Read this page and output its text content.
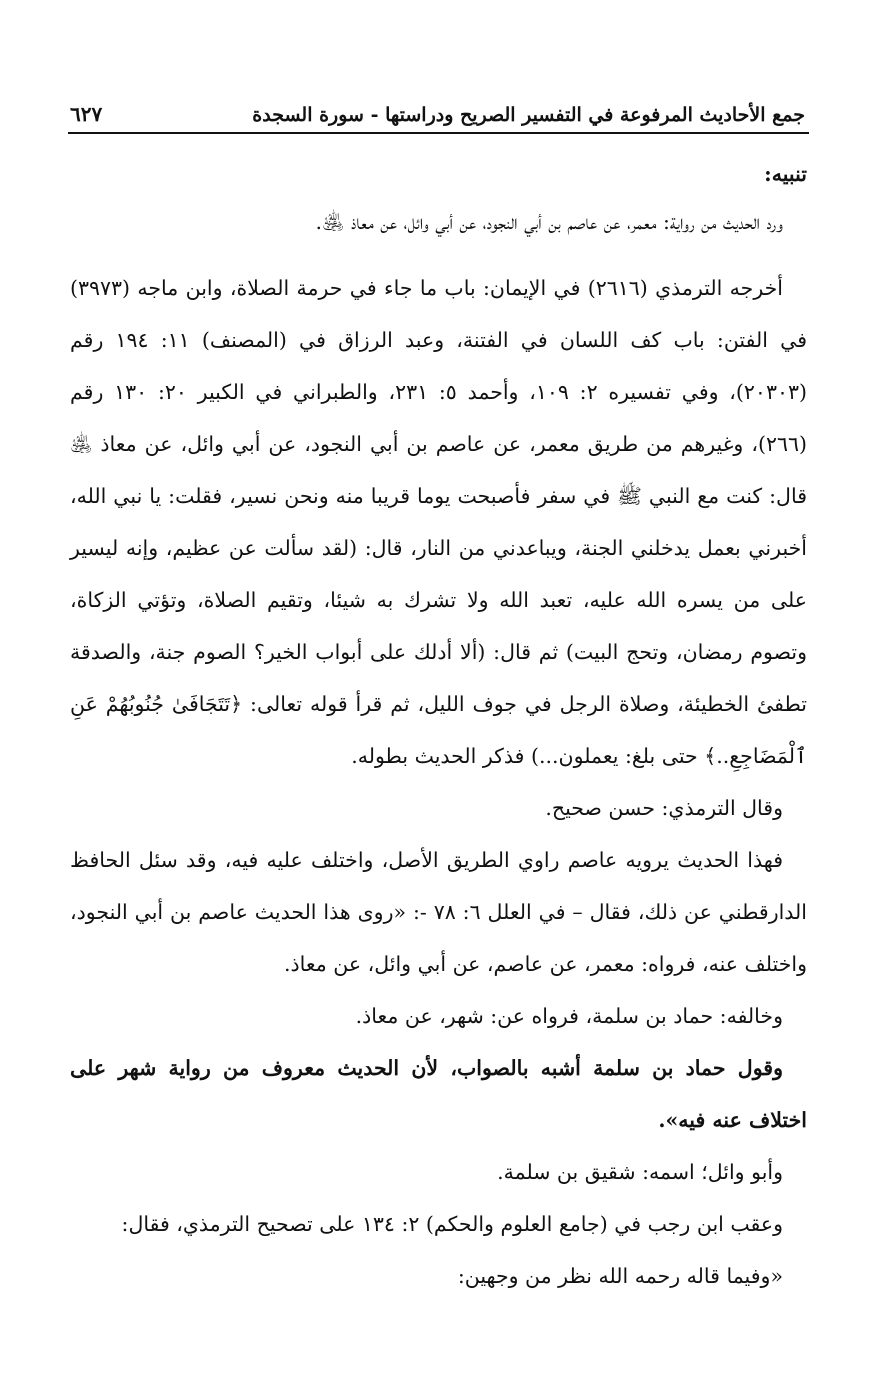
جمع الأحاديث المرفوعة في التفسير الصريح ودراستها - سورة السجدة
٦٢٧

تنبيه:

ورد الحديث من رواية: معمر، عن عاصم بن أبي النجود، عن أبي وائل، عن معاذ ﵁.

أخرجه الترمذي (٢٦١٦) في الإيمان: باب ما جاء في حرمة الصلاة، وابن ماجه (٣٩٧٣) في الفتن: باب كف اللسان في الفتنة، وعبد الرزاق في (المصنف) ١١: ١٩٤ رقم (٢٠٣٠٣)، وفي تفسيره ٢: ١٠٩، وأحمد ٥: ٢٣١، والطبراني في الكبير ٢٠: ١٣٠ رقم (٢٦٦)، وغيرهم من طريق معمر، عن عاصم بن أبي النجود، عن أبي وائل، عن معاذ ﵁ قال: كنت مع النبي ﷺ في سفر فأصبحت يوما قريبا منه ونحن نسير، فقلت: يا نبي الله، أخبرني بعمل يدخلني الجنة، ويباعدني من النار، قال: (لقد سألت عن عظيم، وإنه ليسير على من يسره الله عليه، تعبد الله ولا تشرك به شيئا، وتقيم الصلاة، وتؤتي الزكاة، وتصوم رمضان، وتحج البيت) ثم قال: (ألا أدلك على أبواب الخير؟ الصوم جنة، والصدقة تطفئ الخطيئة، وصلاة الرجل في جوف الليل، ثم قرأ قوله تعالى: ﴿تَتَجَافَىٰ جُنُوبُهُمْ عَنِ ٱلْمَضَاجِعِ..﴾ حتى بلغ: يعملون...) فذكر الحديث بطوله.

وقال الترمذي: حسن صحيح.

فهذا الحديث يرويه عاصم راوي الطريق الأصل، واختلف عليه فيه، وقد سئل الحافظ الدارقطني عن ذلك، فقال – في العلل ٦: ٧٨ -: «روى هذا الحديث عاصم بن أبي النجود، واختلف عنه، فرواه: معمر، عن عاصم، عن أبي وائل، عن معاذ.

وخالفه: حماد بن سلمة، فرواه عن: شهر، عن معاذ.

وقول حماد بن سلمة أشبه بالصواب، لأن الحديث معروف من رواية شهر على اختلاف عنه فيه».

وأبو وائل؛ اسمه: شقيق بن سلمة.

وعقب ابن رجب في (جامع العلوم والحكم) ٢: ١٣٤ على تصحيح الترمذي، فقال:

«وفيما قاله رحمه الله نظر من وجهين:
